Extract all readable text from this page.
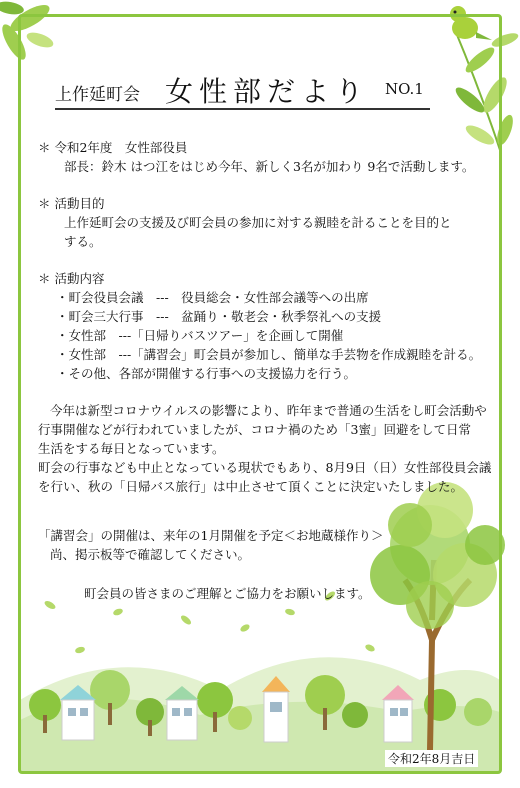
上作延町会 女性部だより NO.1
＊ 令和2年度　女性部役員
部長：鈴木 はつ江をはじめ今年、新しく3名が加わり 9名で活動します。
＊ 活動目的
上作延町会の支援及び町会員の参加に対する親睦を計ることを目的と
する。
＊ 活動内容
・町会役員会議　---　役員総会・女性部会議等への出席
・町会三大行事　---　盆踊り・敬老会・秋季祭礼への支援
・女性部　---「日帰りバスツアー」を企画して開催
・女性部　---「講習会」町会員が参加し、簡単な手芸物を作成親睦を計る。
・その他、各部が開催する行事への支援協力を行う。
今年は新型コロナウイルスの影響により、昨年まで普通の生活をし町会活動や
行事開催などが行われていましたが、コロナ禍のため「3蜜」回避をして日常
生活をする毎日となっています。
町会の行事なども中止となっている現状でもあり、8月9日（日）女性部役員会議
を行い、秋の「日帰バス旅行」は中止させて頂くことに決定いたしました。
「講習会」の開催は、来年の1月開催を予定＜お地蔵様作り＞
尚、掲示板等で確認してください。
町会員の皆さまのご理解とご協力をお願いします。
令和2年8月吉日
